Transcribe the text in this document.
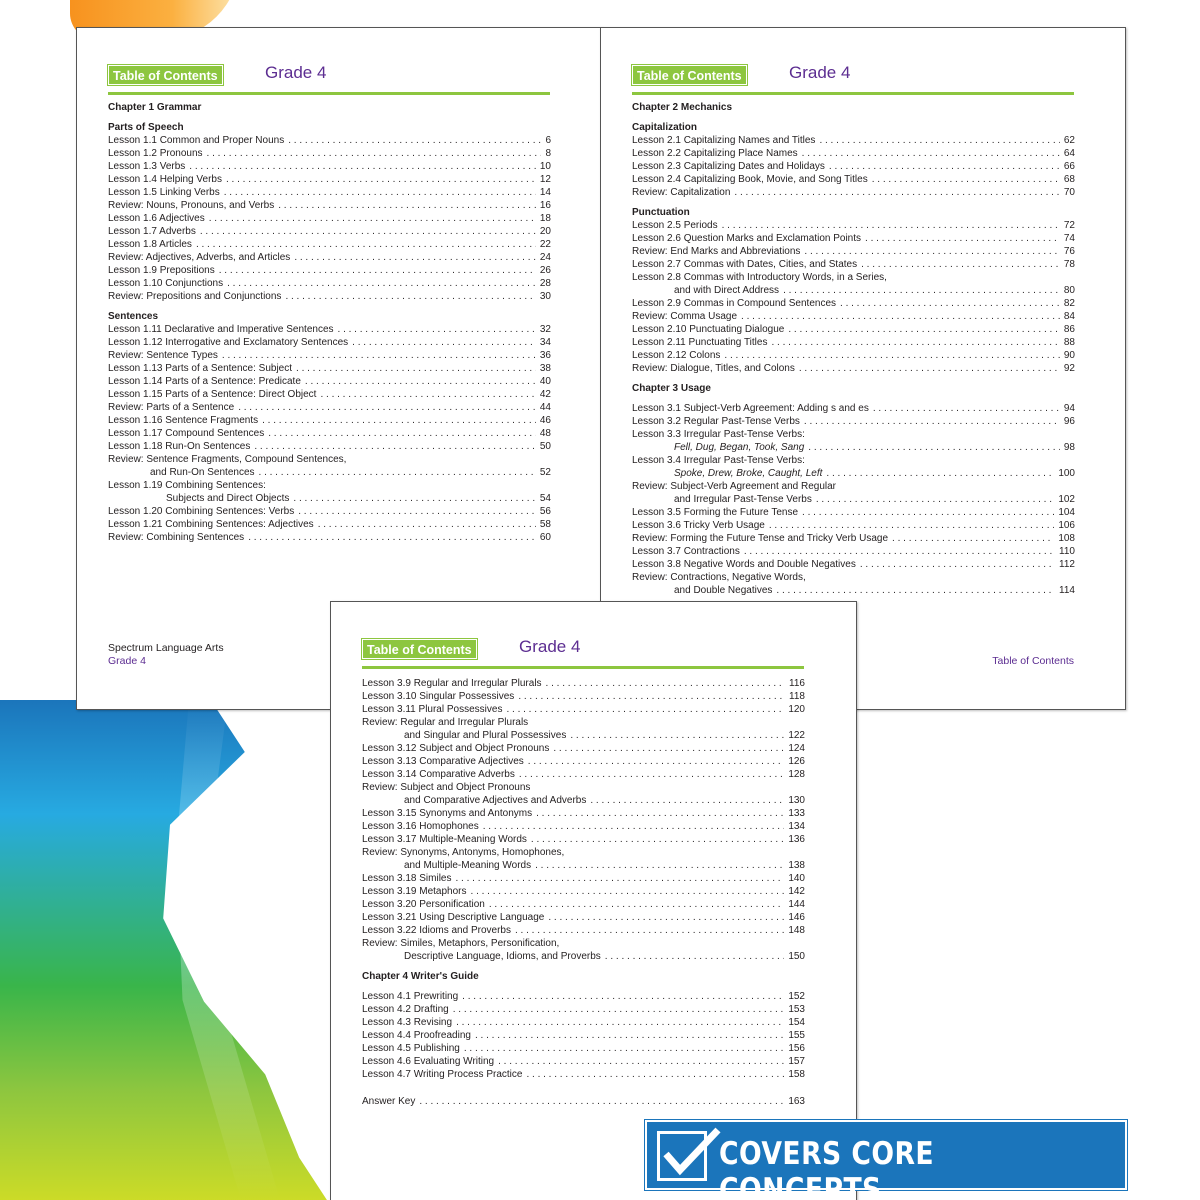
Table of Contents	Grade 4
Chapter 1 Grammar
Parts of Speech
Lesson 1.1 Common and Proper Nouns . . .	6
Lesson 1.2 Pronouns . . .	8
Lesson 1.3 Verbs . . .	10
Lesson 1.4 Helping Verbs . . .	12
Lesson 1.5 Linking Verbs . . .	14
Review: Nouns, Pronouns, and Verbs . . .	16
Lesson 1.6 Adjectives . . .	18
Lesson 1.7 Adverbs . . .	20
Lesson 1.8 Articles . . .	22
Review: Adjectives, Adverbs, and Articles . . .	24
Lesson 1.9 Prepositions . . .	26
Lesson 1.10 Conjunctions . . .	28
Review: Prepositions and Conjunctions . . .	30
Sentences
Lesson 1.11 Declarative and Imperative Sentences . . .	32
Lesson 1.12 Interrogative and Exclamatory Sentences . . .	34
Review: Sentence Types . . .	36
Lesson 1.13 Parts of a Sentence: Subject . . .	38
Lesson 1.14 Parts of a Sentence: Predicate . . .	40
Lesson 1.15 Parts of a Sentence: Direct Object . . .	42
Review: Parts of a Sentence . . .	44
Lesson 1.16 Sentence Fragments . . .	46
Lesson 1.17 Compound Sentences . . .	48
Lesson 1.18 Run-On Sentences . . .	50
Review: Sentence Fragments, Compound Sentences,
and Run-On Sentences . . .	52
Lesson 1.19 Combining Sentences:
Subjects and Direct Objects . . .	54
Lesson 1.20 Combining Sentences: Verbs . . .	56
Lesson 1.21 Combining Sentences: Adjectives . . .	58
Review: Combining Sentences . . .	60
Spectrum Language Arts
Grade 4
Table of Contents	Grade 4
Chapter 2 Mechanics
Capitalization
Lesson 2.1 Capitalizing Names and Titles . . .	62
Lesson 2.2 Capitalizing Place Names . . .	64
Lesson 2.3 Capitalizing Dates and Holidays . . .	66
Lesson 2.4 Capitalizing Book, Movie, and Song Titles . . .	68
Review: Capitalization . . .	70
Punctuation
Lesson 2.5 Periods . . .	72
Lesson 2.6 Question Marks and Exclamation Points . . .	74
Review: End Marks and Abbreviations . . .	76
Lesson 2.7 Commas with Dates, Cities, and States . . .	78
Lesson 2.8 Commas with Introductory Words, in a Series,
and with Direct Address . . .	80
Lesson 2.9 Commas in Compound Sentences . . .	82
Review: Comma Usage . . .	84
Lesson 2.10 Punctuating Dialogue . . .	86
Lesson 2.11 Punctuating Titles . . .	88
Lesson 2.12 Colons . . .	90
Review: Dialogue, Titles, and Colons . . .	92
Chapter 3 Usage
Lesson 3.1 Subject-Verb Agreement: Adding s and es . . .	94
Lesson 3.2 Regular Past-Tense Verbs . . .	96
Lesson 3.3 Irregular Past-Tense Verbs:
Fell, Dug, Began, Took, Sang . . .	98
Lesson 3.4 Irregular Past-Tense Verbs:
Spoke, Drew, Broke, Caught, Left . . .	100
Review: Subject-Verb Agreement and Regular
and Irregular Past-Tense Verbs . . .	102
Lesson 3.5 Forming the Future Tense . . .	104
Lesson 3.6 Tricky Verb Usage . . .	106
Review: Forming the Future Tense and Tricky Verb Usage . . .	108
Lesson 3.7 Contractions . . .	110
Lesson 3.8 Negative Words and Double Negatives . . .	112
Review: Contractions, Negative Words,
and Double Negatives . . .	114
Table of Contents
Table of Contents	Grade 4
Lesson 3.9 Regular and Irregular Plurals . . .	116
Lesson 3.10 Singular Possessives . . .	118
Lesson 3.11 Plural Possessives . . .	120
Review: Regular and Irregular Plurals
and Singular and Plural Possessives . . .	122
Lesson 3.12 Subject and Object Pronouns . . .	124
Lesson 3.13 Comparative Adjectives . . .	126
Lesson 3.14 Comparative Adverbs . . .	128
Review: Subject and Object Pronouns
and Comparative Adjectives and Adverbs . . .	130
Lesson 3.15 Synonyms and Antonyms . . .	133
Lesson 3.16 Homophones . . .	134
Lesson 3.17 Multiple-Meaning Words . . .	136
Review: Synonyms, Antonyms, Homophones,
and Multiple-Meaning Words . . .	138
Lesson 3.18 Similes . . .	140
Lesson 3.19 Metaphors . . .	142
Lesson 3.20 Personification . . .	144
Lesson 3.21 Using Descriptive Language . . .	146
Lesson 3.22 Idioms and Proverbs . . .	148
Review: Similes, Metaphors, Personification,
Descriptive Language, Idioms, and Proverbs . . .	150
Chapter 4 Writer's Guide
Lesson 4.1 Prewriting . . .	152
Lesson 4.2 Drafting . . .	153
Lesson 4.3 Revising . . .	154
Lesson 4.4 Proofreading . . .	155
Lesson 4.5 Publishing . . .	156
Lesson 4.6 Evaluating Writing . . .	157
Lesson 4.7 Writing Process Practice . . .	158
Answer Key . . .	163
COVERS CORE CONCEPTS
